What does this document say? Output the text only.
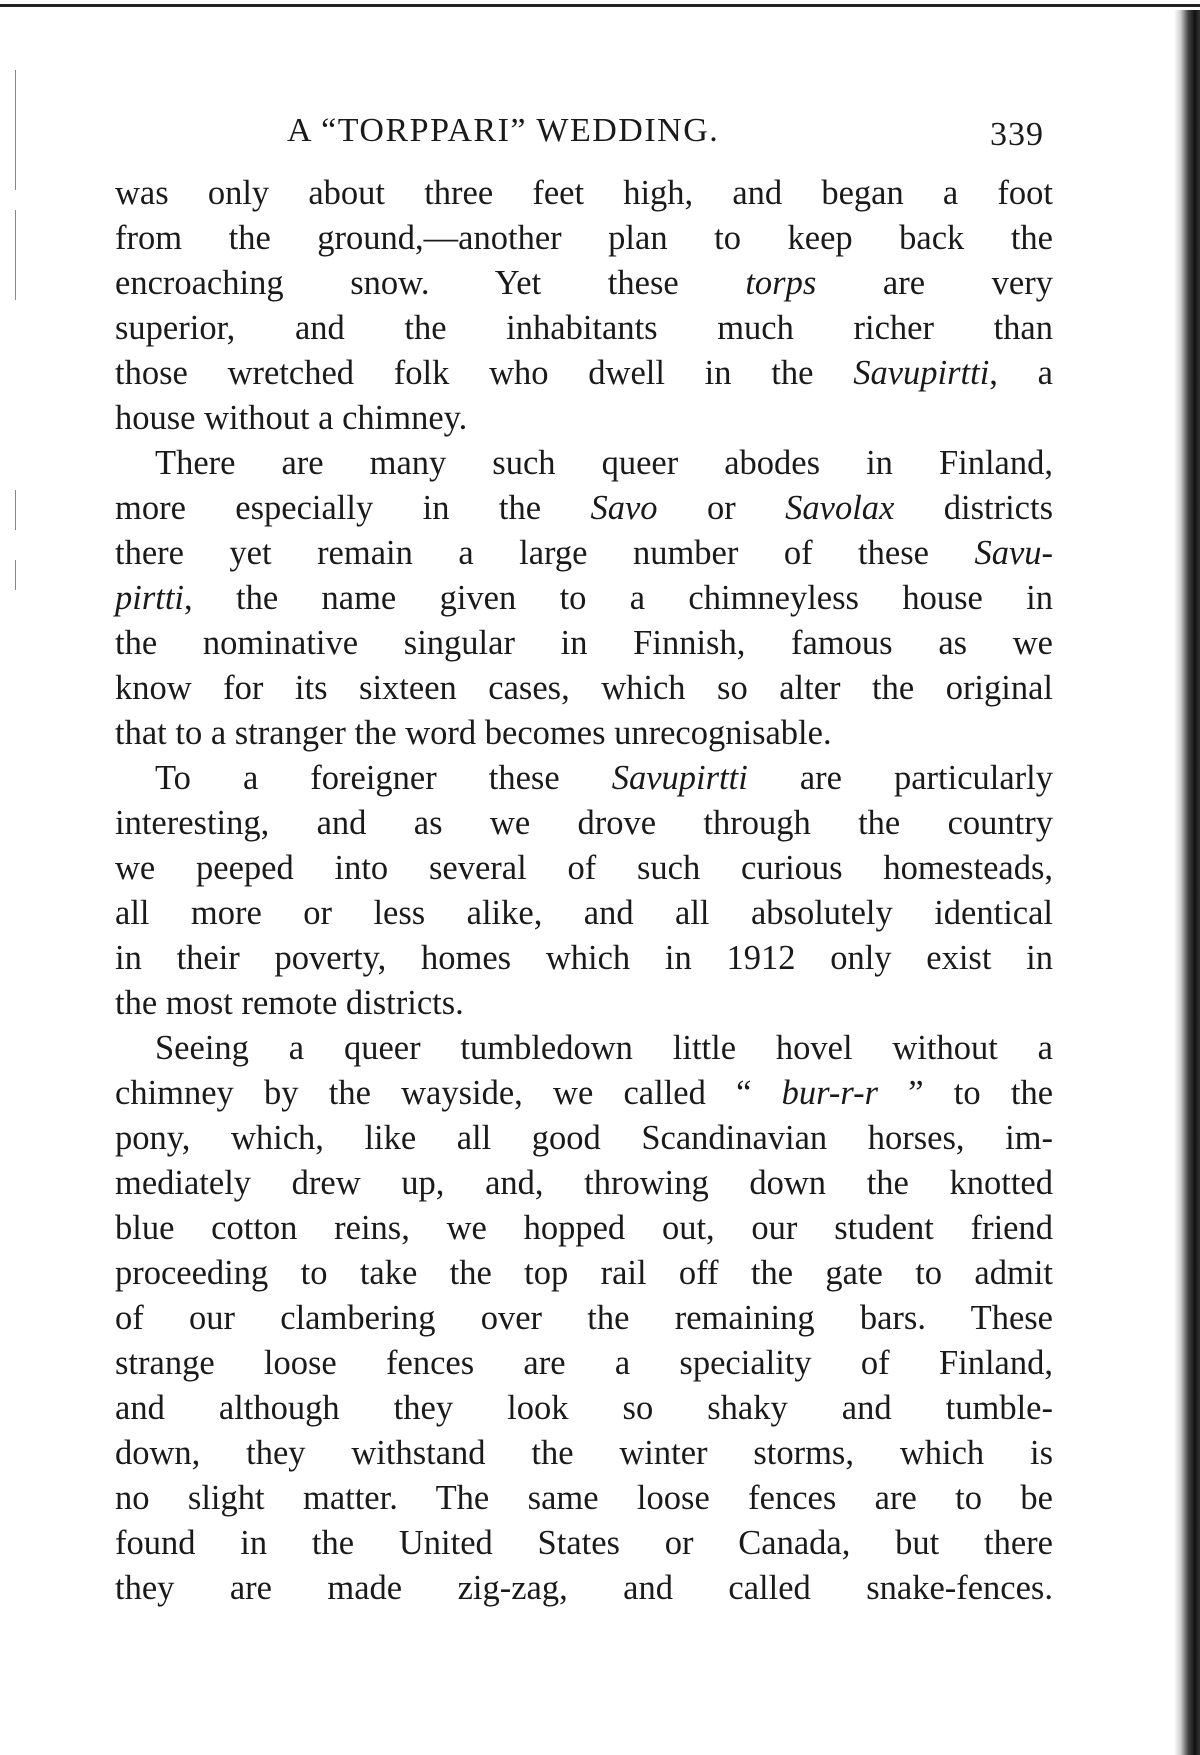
A “TORPPARI” WEDDING.	339
was only about three feet high, and began a foot
from the ground,—another plan to keep back the
encroaching snow. Yet these torps are very
superior, and the inhabitants much richer than
those wretched folk who dwell in the Savupirtti, a
house without a chimney.
There are many such queer abodes in Finland,
more especially in the Savo or Savolax districts
there yet remain a large number of these Savu-
pirtti, the name given to a chimneyless house in
the nominative singular in Finnish, famous as we
know for its sixteen cases, which so alter the original
that to a stranger the word becomes unrecognisable.
To a foreigner these Savupirtti are particularly
interesting, and as we drove through the country
we peeped into several of such curious homesteads,
all more or less alike, and all absolutely identical
in their poverty, homes which in 1912 only exist in
the most remote districts.
Seeing a queer tumbledown little hovel without a
chimney by the wayside, we called “ bur-r-r ” to the
pony, which, like all good Scandinavian horses, im-
mediately drew up, and, throwing down the knotted
blue cotton reins, we hopped out, our student friend
proceeding to take the top rail off the gate to admit
of our clambering over the remaining bars. These
strange loose fences are a speciality of Finland,
and although they look so shaky and tumble-
down, they withstand the winter storms, which is
no slight matter. The same loose fences are to be
found in the United States or Canada, but there
they are made zig-zag, and called snake-fences.
